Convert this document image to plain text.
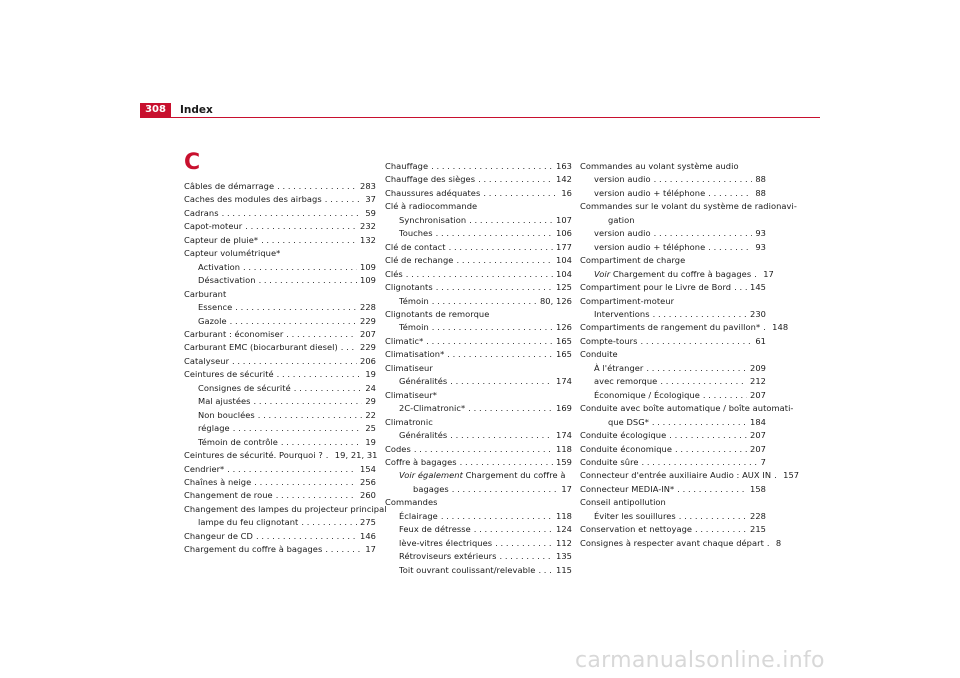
308	Index
C
Câbles de démarrage . . .	283
Caches des modules des airbags . . .	37
Cadrans . . .	59
Capot-moteur . . .	232
Capteur de pluie* . . .	132
Capteur volumétrique*
Activation . . .	109
Désactivation . . .	109
Carburant
Essence . . .	228
Gazole . . .	229
Carburant : économiser . . .	207
Carburant EMC (biocarburant diesel) . . .	229
Catalyseur . . .	206
Ceintures de sécurité . . .	19
Consignes de sécurité . . .	24
Mal ajustées . . .	29
Non bouclées . . .	22
réglage . . .	25
Témoin de contrôle . . .	19
Ceintures de sécurité. Pourquoi ? . . . 19, 21, 31
Cendrier* . . .	154
Chaînes à neige . . .	256
Changement de roue . . .	260
Changement des lampes du projecteur principal
lampe du feu clignotant . . .	275
Changeur de CD . . .	146
Chargement du coffre à bagages . . .	17
Chauffage . . .	163
Chauffage des sièges . . .	142
Chaussures adéquates . . .	16
Clé à radiocommande
Synchronisation . . .	107
Touches . . .	106
Clé de contact . . .	177
Clé de rechange . . .	104
Clés . . .	104
Clignotants . . .	125
Témoin . . .	80, 126
Clignotants de remorque
Témoin . . .	126
Climatic* . . .	165
Climatisation* . . .	165
Climatiseur
Généralités . . .	174
Climatiseur*
2C-Climatronic* . . .	169
Climatronic
Généralités . . .	174
Codes . . .	118
Coffre à bagages . . .	159
Voir également Chargement du coffre à
bagages . . .	17
Commandes
Éclairage . . .	118
Feux de détresse . . .	124
lève-vitres électriques . . .	112
Rétroviseurs extérieurs . . .	135
Toit ouvrant coulissant/relevable . . . 115
Commandes au volant système audio
version audio . . .	88
version audio + téléphone . . .	88
Commandes sur le volant du système de radionavi-
gation
version audio . . .	93
version audio + téléphone . . .	93
Compartiment de charge
Voir Chargement du coffre à bagages . . . 17
Compartiment pour le Livre de Bord . . . 145
Compartiment-moteur
Interventions . . .	230
Compartiments de rangement du pavillon* . . . 148
Compte-tours . . .	61
Conduite
À l'étranger . . .	209
avec remorque . . .	212
Économique / Écologique . . .	207
Conduite avec boîte automatique / boîte automati-
que DSG* . . .	184
Conduite écologique . . .	207
Conduite économique . . .	207
Conduite sûre . . .	7
Connecteur d'entrée auxiliaire Audio : AUX IN . . . 157
Connecteur MEDIA-IN* . . .	158
Conseil antipollution
Éviter les souillures . . .	228
Conservation et nettoyage . . .	215
Consignes à respecter avant chaque départ . . . 8
carmanualsonline.info
